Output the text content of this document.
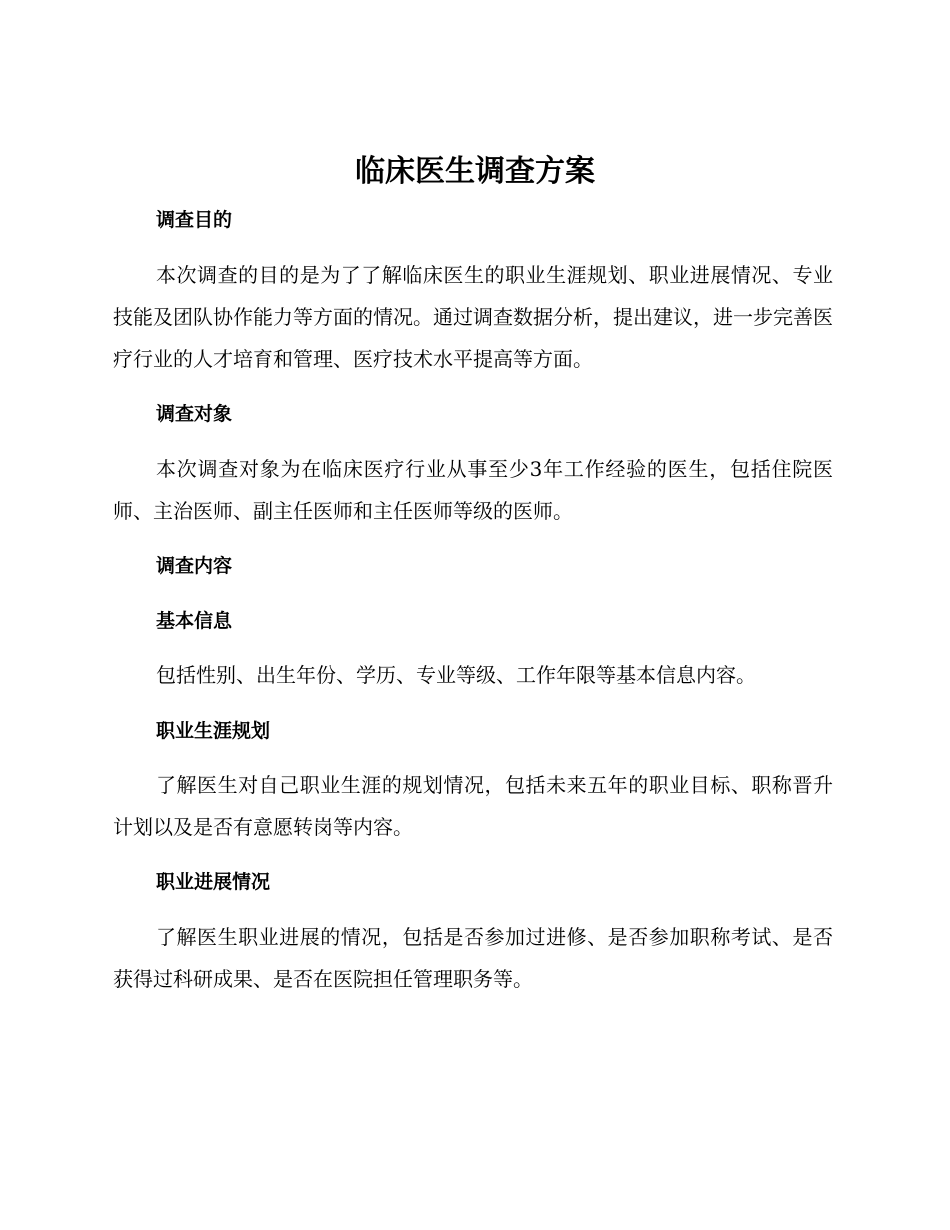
临床医生调查方案
调查目的

本次调查的目的是为了了解临床医生的职业生涯规划、职业进展情况、专业技能及团队协作能力等方面的情况。通过调查数据分析，提出建议，进一步完善医疗行业的人才培育和管理、医疗技术水平提高等方面。

调查对象

本次调查对象为在临床医疗行业从事至少3年工作经验的医生，包括住院医师、主治医师、副主任医师和主任医师等级的医师。

调查内容
基本信息

包括性别、出生年份、学历、专业等级、工作年限等基本信息内容。

职业生涯规划

了解医生对自己职业生涯的规划情况，包括未来五年的职业目标、职称晋升计划以及是否有意愿转岗等内容。

职业进展情况

了解医生职业进展的情况，包括是否参加过进修、是否参加职称考试、是否获得过科研成果、是否在医院担任管理职务等。
